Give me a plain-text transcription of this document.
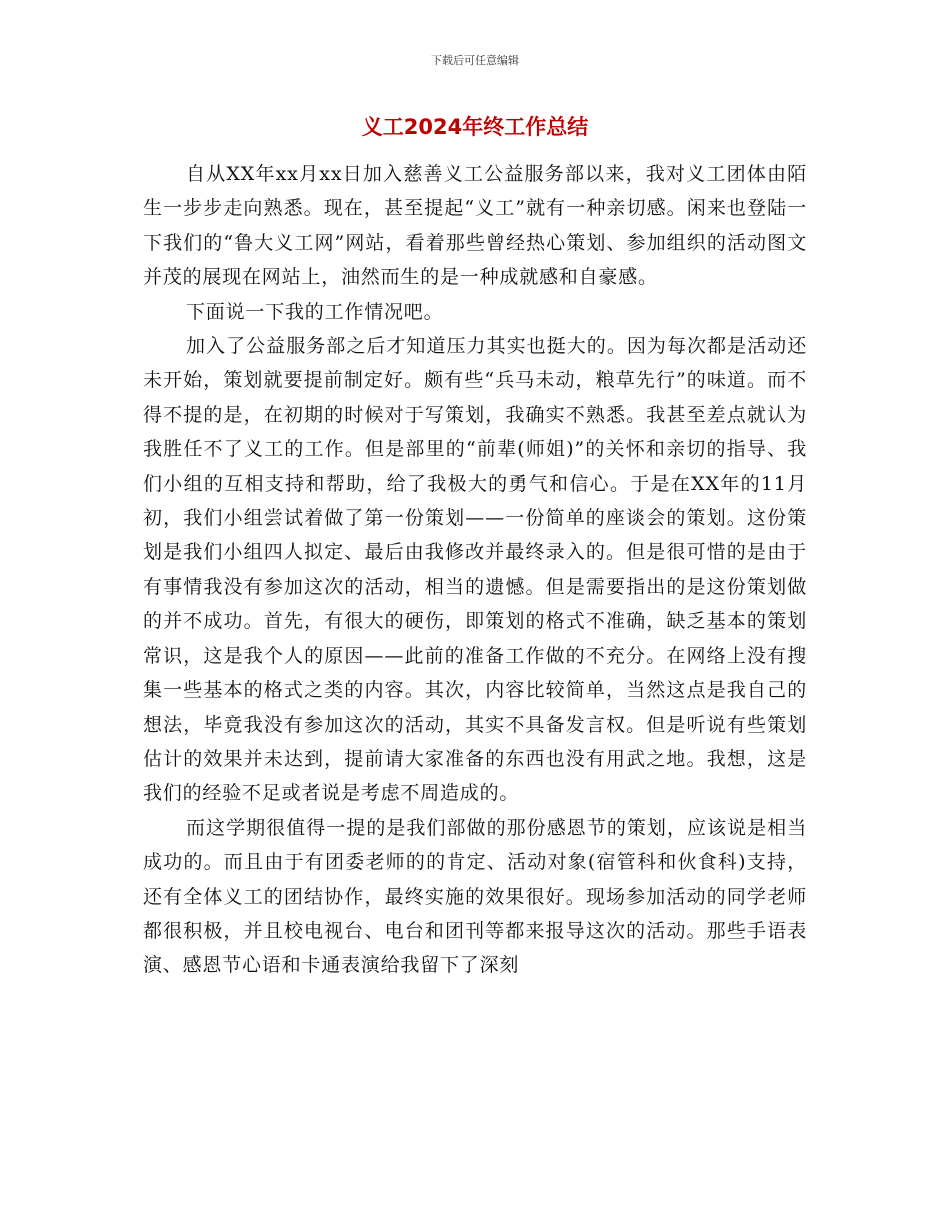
下载后可任意编辑
义工2024年终工作总结

自从XX年xx月xx日加入慈善义工公益服务部以来，我对义工团体由陌生一步步走向熟悉。现在，甚至提起“义工”就有一种亲切感。闲来也登陆一下我们的“鲁大义工网”网站，看着那些曾经热心策划、参加组织的活动图文并茂的展现在网站上，油然而生的是一种成就感和自豪感。

下面说一下我的工作情况吧。

加入了公益服务部之后才知道压力其实也挺大的。因为每次都是活动还未开始，策划就要提前制定好。颇有些“兵马未动，粮草先行”的味道。而不得不提的是，在初期的时候对于写策划，我确实不熟悉。我甚至差点就认为我胜任不了义工的工作。但是部里的“前辈(师姐)”的关怀和亲切的指导、我们小组的互相支持和帮助，给了我极大的勇气和信心。于是在XX年的11月初，我们小组尝试着做了第一份策划——一份简单的座谈会的策划。这份策划是我们小组四人拟定、最后由我修改并最终录入的。但是很可惜的是由于有事情我没有参加这次的活动，相当的遗憾。但是需要指出的是这份策划做的并不成功。首先，有很大的硬伤，即策划的格式不准确，缺乏基本的策划常识，这是我个人的原因——此前的准备工作做的不充分。在网络上没有搜集一些基本的格式之类的内容。其次，内容比较简单，当然这点是我自己的想法，毕竟我没有参加这次的活动，其实不具备发言权。但是听说有些策划估计的效果并未达到，提前请大家准备的东西也没有用武之地。我想，这是我们的经验不足或者说是考虑不周造成的。

而这学期很值得一提的是我们部做的那份感恩节的策划，应该说是相当成功的。而且由于有团委老师的的肯定、活动对象(宿管科和伙食科)支持，还有全体义工的团结协作，最终实施的效果很好。现场参加活动的同学老师都很积极，并且校电视台、电台和团刊等都来报导这次的活动。那些手语表演、感恩节心语和卡通表演给我留下了深刻
